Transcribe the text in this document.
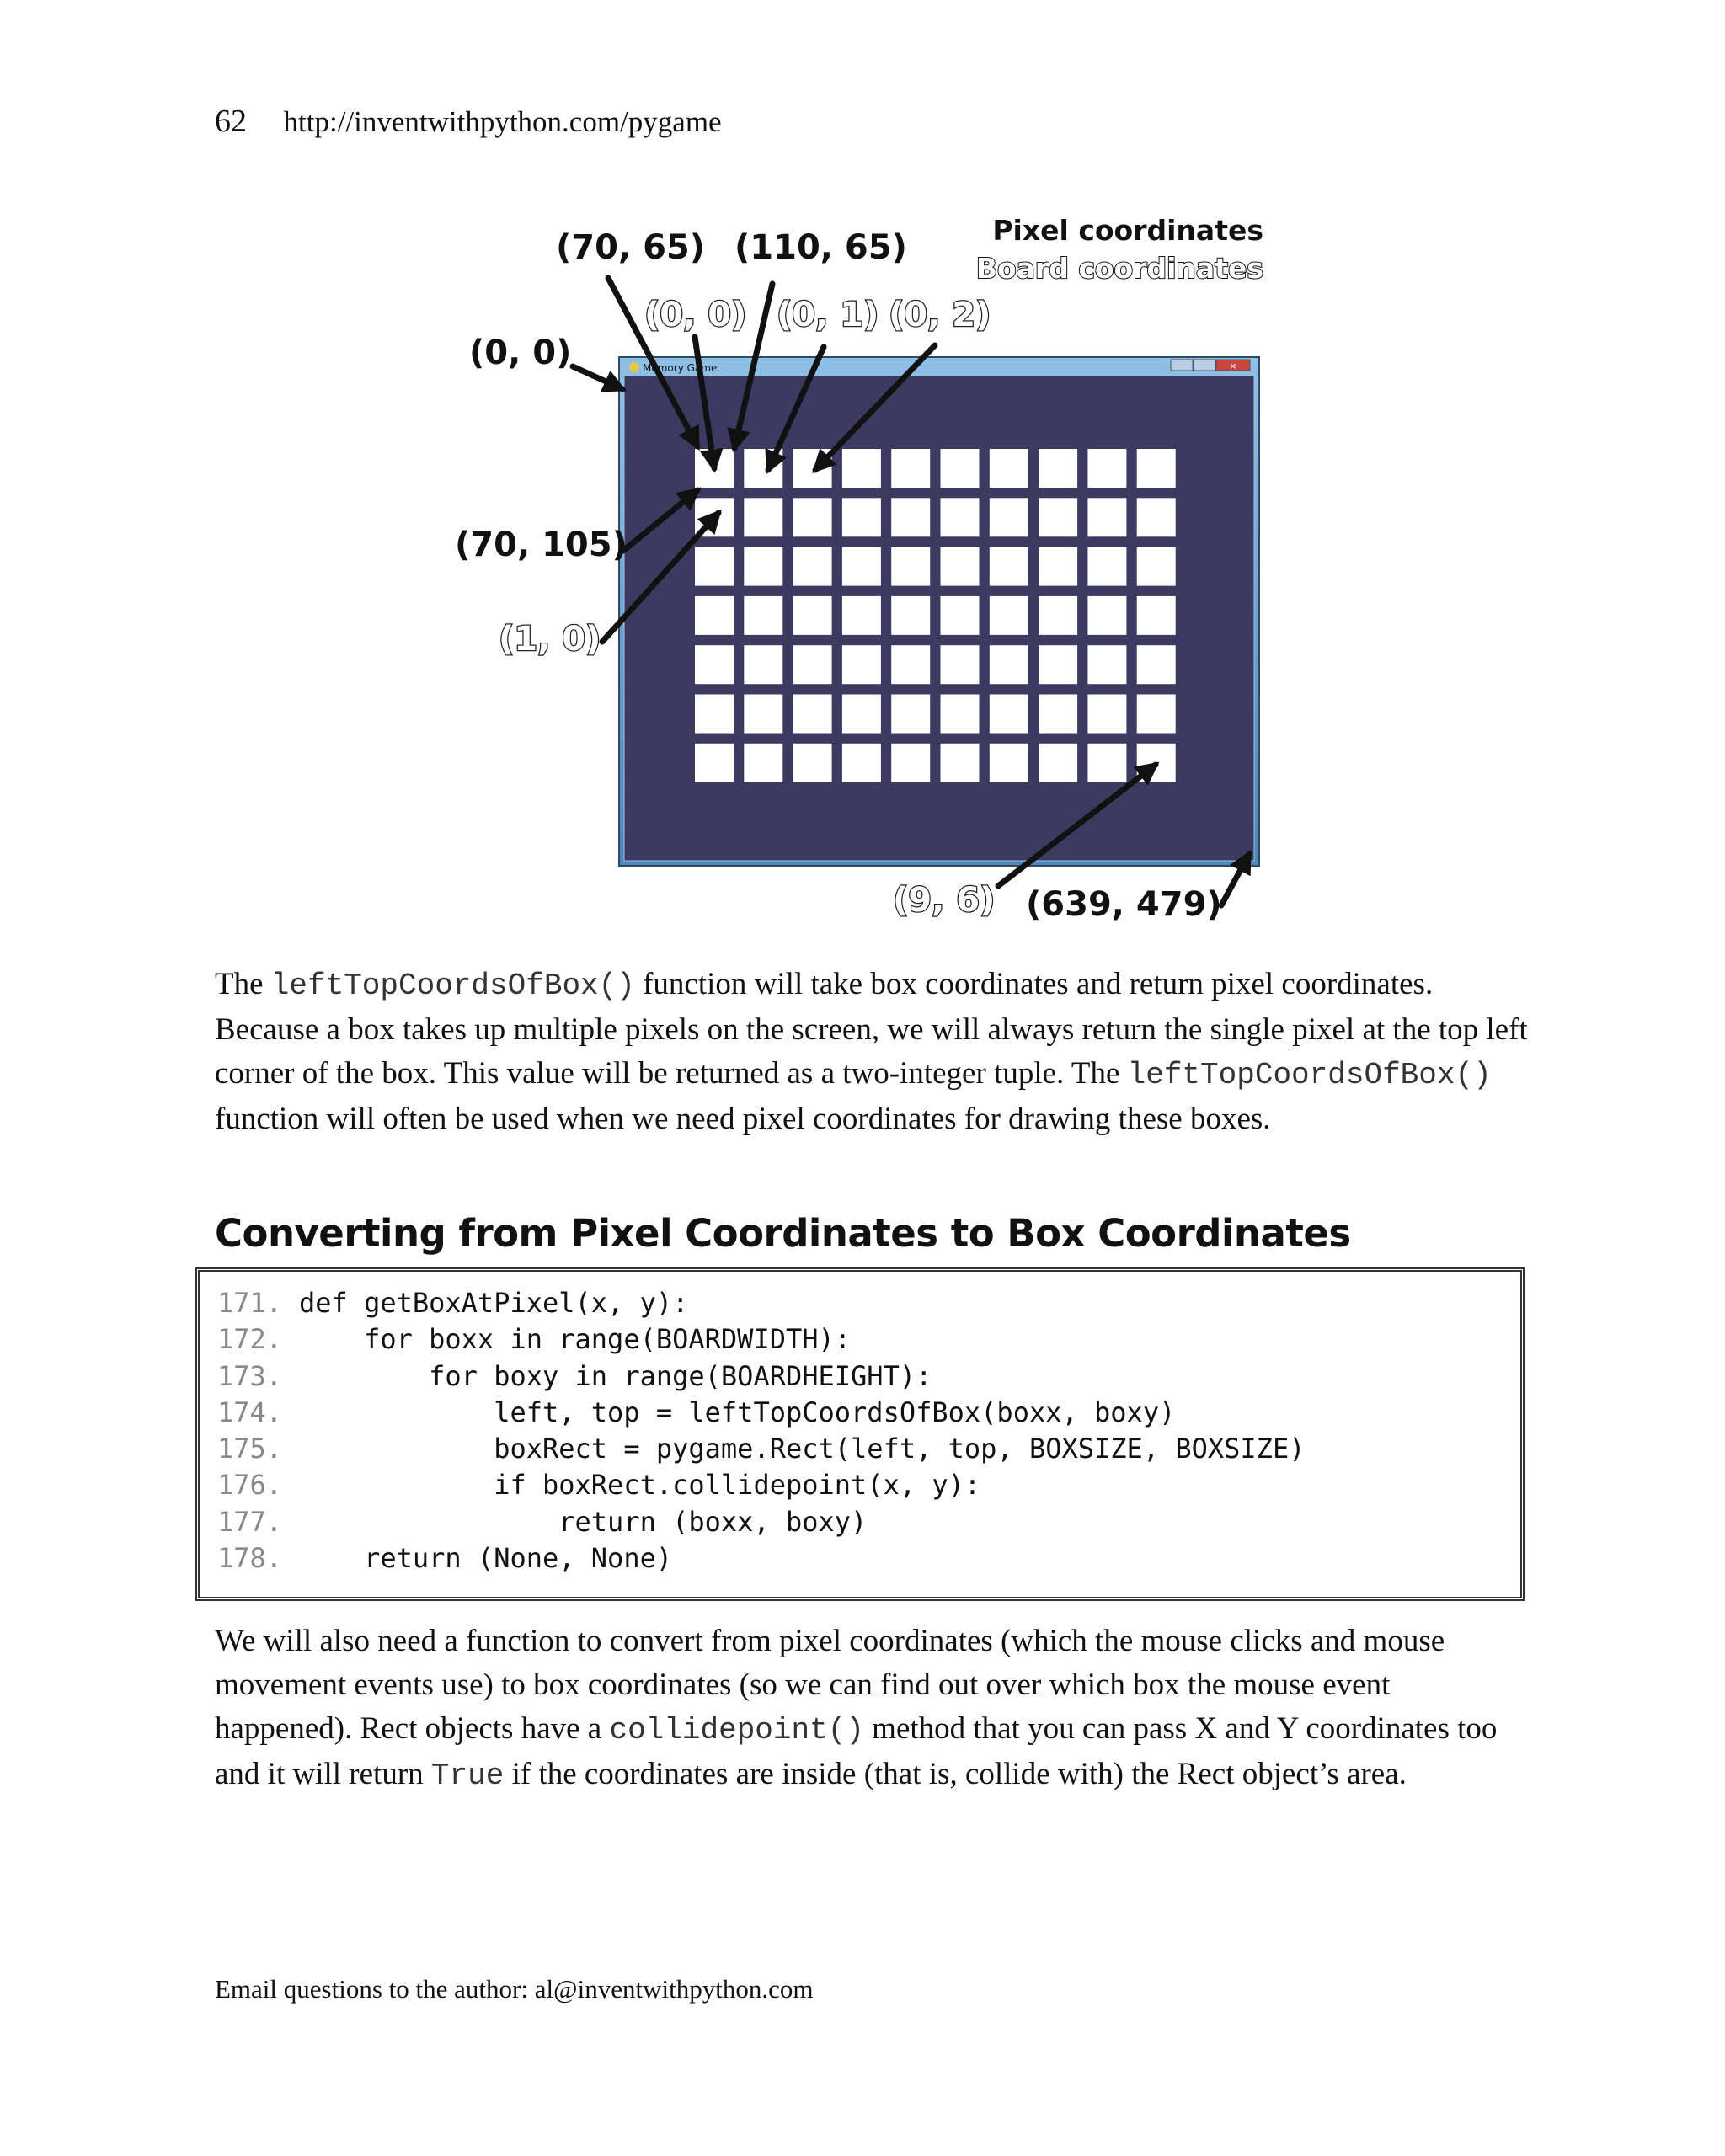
62 http://inventwithpython.com/pygame
Memory Game	×
Pixel coordinates
Board coordinates
(70, 65) (110, 65)
(0, 0)
(70, 105)
(639, 479)
(0, 0) (0, 1) (0, 2)
(1, 0)
(9, 6)
The leftTopCoordsOfBox() function will take box coordinates and return pixel coordinates. Because a box takes up multiple pixels on the screen, we will always return the single pixel at the top left corner of the box. This value will be returned as a two-integer tuple. The leftTopCoordsOfBox() function will often be used when we need pixel coordinates for drawing these boxes.
Converting from Pixel Coordinates to Box Coordinates
171. def getBoxAtPixel(x, y):
172.    for boxx in range(BOARDWIDTH):
173.        for boxy in range(BOARDHEIGHT):
174.            left, top = leftTopCoordsOfBox(boxx, boxy)
175.            boxRect = pygame.Rect(left, top, BOXSIZE, BOXSIZE)
176.            if boxRect.collidepoint(x, y):
177.                return (boxx, boxy)
178.    return (None, None)
We will also need a function to convert from pixel coordinates (which the mouse clicks and mouse movement events use) to box coordinates (so we can find out over which box the mouse event happened). Rect objects have a collidepoint() method that you can pass X and Y coordinates too and it will return True if the coordinates are inside (that is, collide with) the Rect object’s area.
Email questions to the author: al@inventwithpython.com
